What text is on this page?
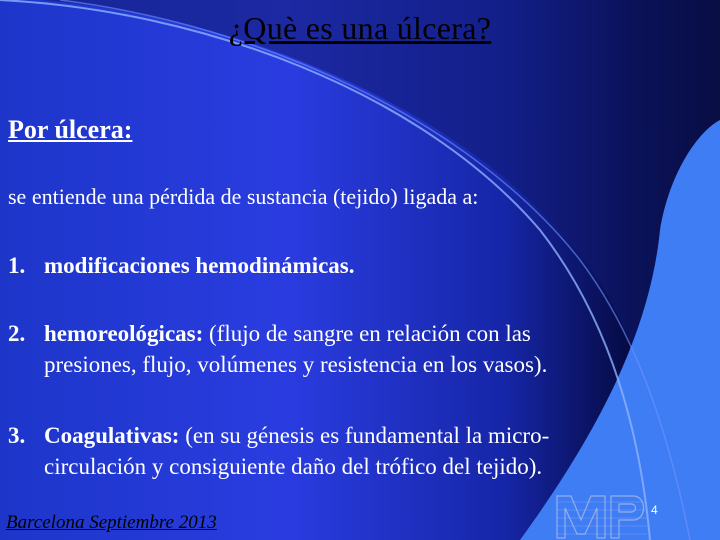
¿Què es una úlcera?
Por úlcera:
se entiende una pérdida de sustancia (tejido) ligada a:
1. modificaciones hemodinámicas.
2. hemoreológicas: (flujo de sangre en relación con las
presiones, flujo, volúmenes y resistencia en los vasos).
3. Coagulativas: (en su génesis es fundamental la micro-
circulación y consiguiente daño del trófico del tejido).
4
Barcelona Septiembre 2013
